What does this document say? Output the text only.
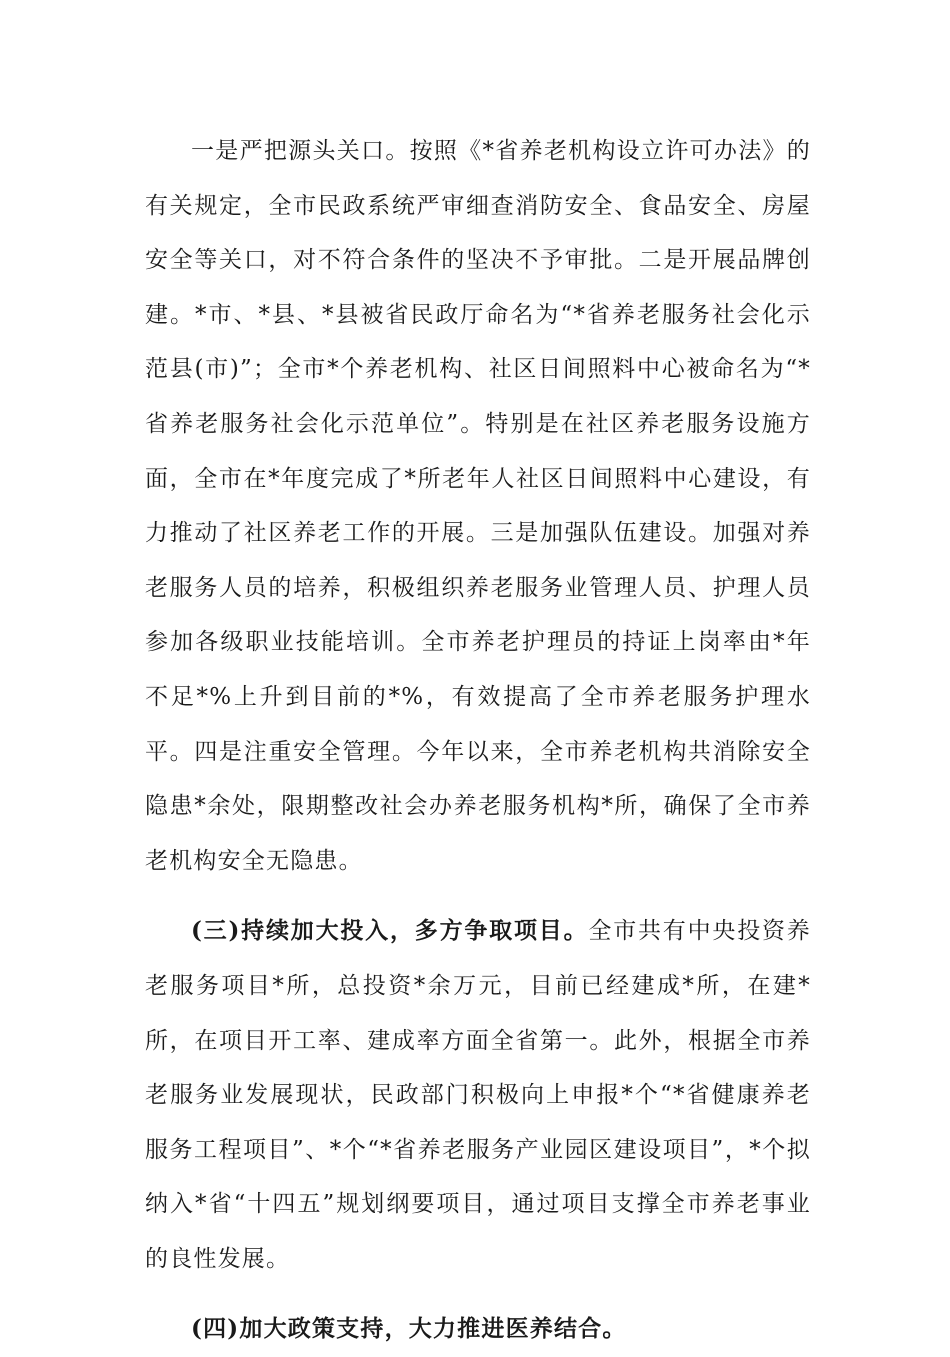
一是严把源头关口。按照《*省养老机构设立许可办法》的有关规定，全市民政系统严审细查消防安全、食品安全、房屋安全等关口，对不符合条件的坚决不予审批。二是开展品牌创建。*市、*县、*县被省民政厅命名为“*省养老服务社会化示范县(市)”；全市*个养老机构、社区日间照料中心被命名为“*省养老服务社会化示范单位”。特别是在社区养老服务设施方面，全市在*年度完成了*所老年人社区日间照料中心建设，有力推动了社区养老工作的开展。三是加强队伍建设。加强对养老服务人员的培养，积极组织养老服务业管理人员、护理人员参加各级职业技能培训。全市养老护理员的持证上岗率由*年不足*%上升到目前的*%，有效提高了全市养老服务护理水平。四是注重安全管理。今年以来，全市养老机构共消除安全隐患*余处，限期整改社会办养老服务机构*所，确保了全市养老机构安全无隐患。

(三)持续加大投入，多方争取项目。全市共有中央投资养老服务项目*所，总投资*余万元，目前已经建成*所，在建*所，在项目开工率、建成率方面全省第一。此外，根据全市养老服务业发展现状，民政部门积极向上申报*个“*省健康养老服务工程项目”、*个“*省养老服务产业园区建设项目”，*个拟纳入*省“十四五”规划纲要项目，通过项目支撑全市养老事业的良性发展。

(四)加大政策支持，大力推进医养结合。
